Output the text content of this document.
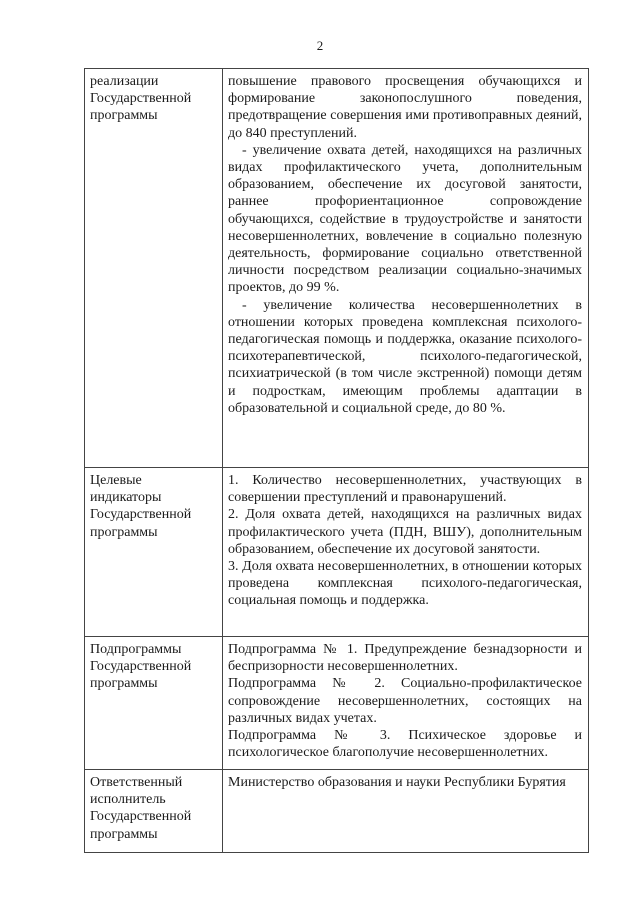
2
реализации Государственной программы	повышение правового просвещения обучающихся и формирование законопослушного поведения, предотвращение совершения ими противоправных деяний, до 840 преступлений.

- увеличение охвата детей, находящихся на различных видах профилактического учета, дополнительным образованием, обеспечение их досуговой занятости, раннее профориентационное сопровождение обучающихся, содействие в трудоустройстве и занятости несовершеннолетних, вовлечение в социально полезную деятельность, формирование социально ответственной личности посредством реализации социально-значимых проектов, до 99 %.

- увеличение количества несовершеннолетних в отношении которых проведена комплексная психолого-педагогическая помощь и поддержка, оказание психолого-психотерапевтической, психолого-педагогической, психиатрической (в том числе экстренной) помощи детям и подросткам, имеющим проблемы адаптации в образовательной и социальной среде, до 80 %.

Целевые индикаторы Государственной программы	1. Количество несовершеннолетних, участвующих в совершении преступлений и правонарушений.

2. Доля охвата детей, находящихся на различных видах профилактического учета (ПДН, ВШУ), дополнительным образованием, обеспечение их досуговой занятости.

3. Доля охвата несовершеннолетних, в отношении которых проведена комплексная психолого-педагогическая, социальная помощь и поддержка.

Подпрограммы Государственной программы	Подпрограмма № 1. Предупреждение безнадзорности и беспризорности несовершеннолетних.

Подпрограмма № 2. Социально-профилактическое сопровождение несовершеннолетних, состоящих на различных видах учетах.

Подпрограмма № 3. Психическое здоровье и психологическое благополучие несовершеннолетних.

Ответственный исполнитель Государственной программы	Министерство образования и науки Республики Бурятия
